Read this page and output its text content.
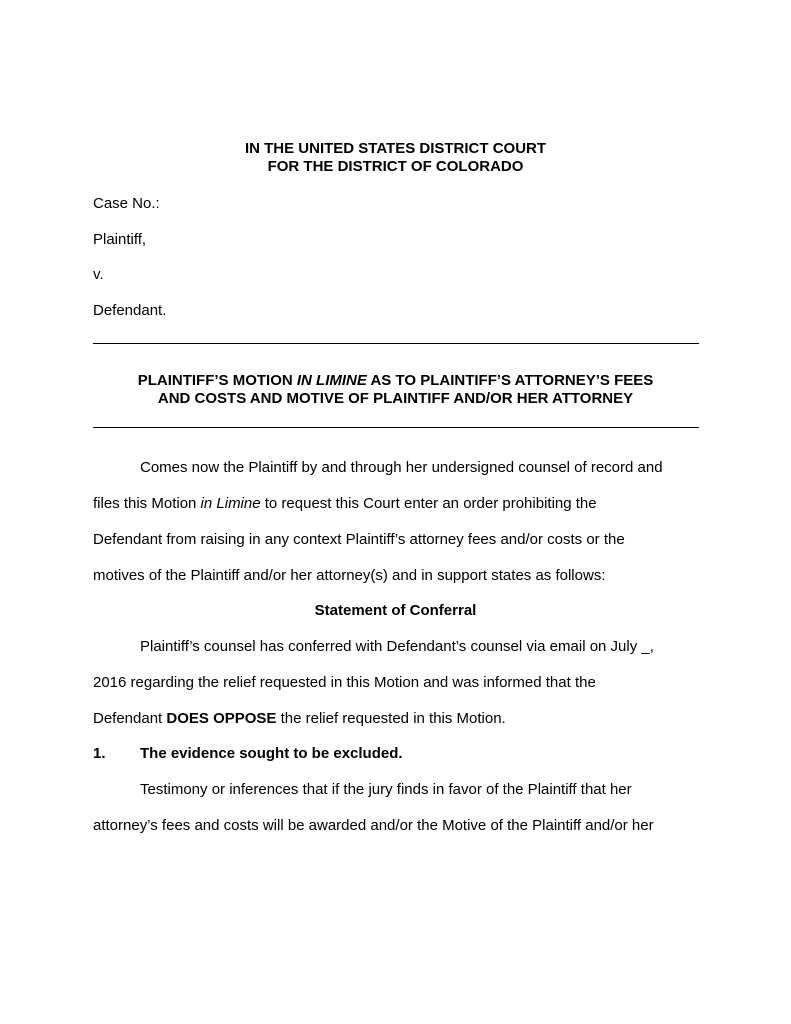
IN THE UNITED STATES DISTRICT COURT
FOR THE DISTRICT OF COLORADO
Case No.:
Plaintiff,
v.
Defendant.
PLAINTIFF’S MOTION IN LIMINE AS TO PLAINTIFF’S ATTORNEY’S FEES
AND COSTS AND MOTIVE OF PLAINTIFF AND/OR HER ATTORNEY
Comes now the Plaintiff by and through her undersigned counsel of record and
files this Motion in Limine to request this Court enter an order prohibiting the
Defendant from raising in any context Plaintiff’s attorney fees and/or costs or the
motives of the Plaintiff and/or her attorney(s) and in support states as follows:
Statement of Conferral
Plaintiff’s counsel has conferred with Defendant’s counsel via email on July _,
2016 regarding the relief requested in this Motion and was informed that the
Defendant DOES OPPOSE the relief requested in this Motion.
1. The evidence sought to be excluded.
Testimony or inferences that if the jury finds in favor of the Plaintiff that her
attorney’s fees and costs will be awarded and/or the Motive of the Plaintiff and/or her
